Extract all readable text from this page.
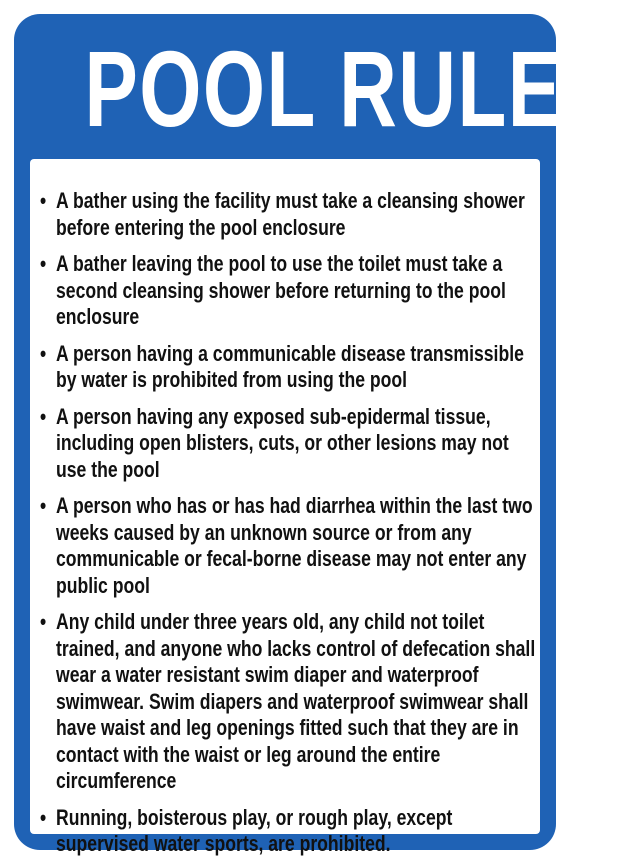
POOL RULES
• A bather using the facility must take a cleansing shower before entering the pool enclosure
• A bather leaving the pool to use the toilet must take a second cleansing shower before returning to the pool enclosure
• A person having a communicable disease transmissible by water is prohibited from using the pool
• A person having any exposed sub-epidermal tissue, including open blisters, cuts, or other lesions may not use the pool
• A person who has or has had diarrhea within the last two weeks caused by an unknown source or from any communicable or fecal-borne disease may not enter any public pool
• Any child under three years old, any child not toilet trained, and anyone who lacks control of defecation shall wear a water resistant swim diaper and waterproof swimwear. Swim diapers and waterproof swimwear shall have waist and leg openings fitted such that they are in contact with the waist or leg around the entire circumference
• Running, boisterous play, or rough play, except supervised water sports, are prohibited.
